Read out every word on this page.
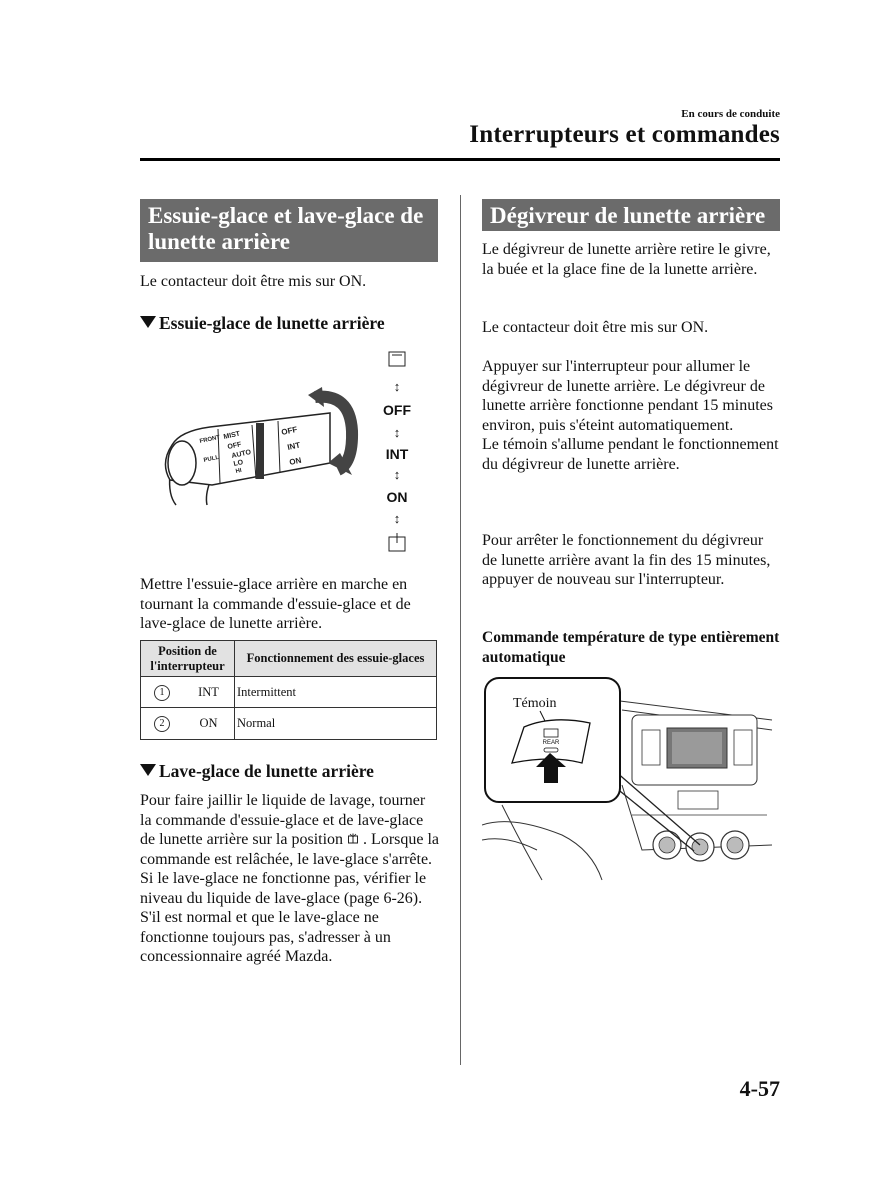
En cours de conduite
Interrupteurs et commandes
Essuie-glace et lave-glace de lunette arrière
Le contacteur doit être mis sur ON.
Essuie-glace de lunette arrière
FRONT
PULL
MIST
OFF
AUTO
LO
HI
OFF
INT
ON
↕
OFF
↕
INT
↕
ON
↕
Mettre l'essuie-glace arrière en marche en tournant la commande d'essuie-glace et de lave-glace de lunette arrière.
Position de l'interrupteur	Fonctionnement des essuie-glaces

1 INT	Intermittent

2 ON	Normal
Lave-glace de lunette arrière
Pour faire jaillir le liquide de lavage, tourner la commande d'essuie-glace et de lave-glace de lunette arrière sur la position . Lorsque la commande est relâchée, le lave-glace s'arrête.
Si le lave-glace ne fonctionne pas, vérifier le niveau du liquide de lave-glace (page 6-26). S'il est normal et que le lave-glace ne fonctionne toujours pas, s'adresser à un concessionnaire agréé Mazda.
Dégivreur de lunette arrière
Le dégivreur de lunette arrière retire le givre, la buée et la glace fine de la lunette arrière.
Le contacteur doit être mis sur ON.
Appuyer sur l'interrupteur pour allumer le dégivreur de lunette arrière. Le dégivreur de lunette arrière fonctionne pendant 15 minutes environ, puis s'éteint automatiquement.
Le témoin s'allume pendant le fonctionnement du dégivreur de lunette arrière.
Pour arrêter le fonctionnement du dégivreur de lunette arrière avant la fin des 15 minutes, appuyer de nouveau sur l'interrupteur.
Commande température de type entièrement automatique
Témoin
REAR
4-57
